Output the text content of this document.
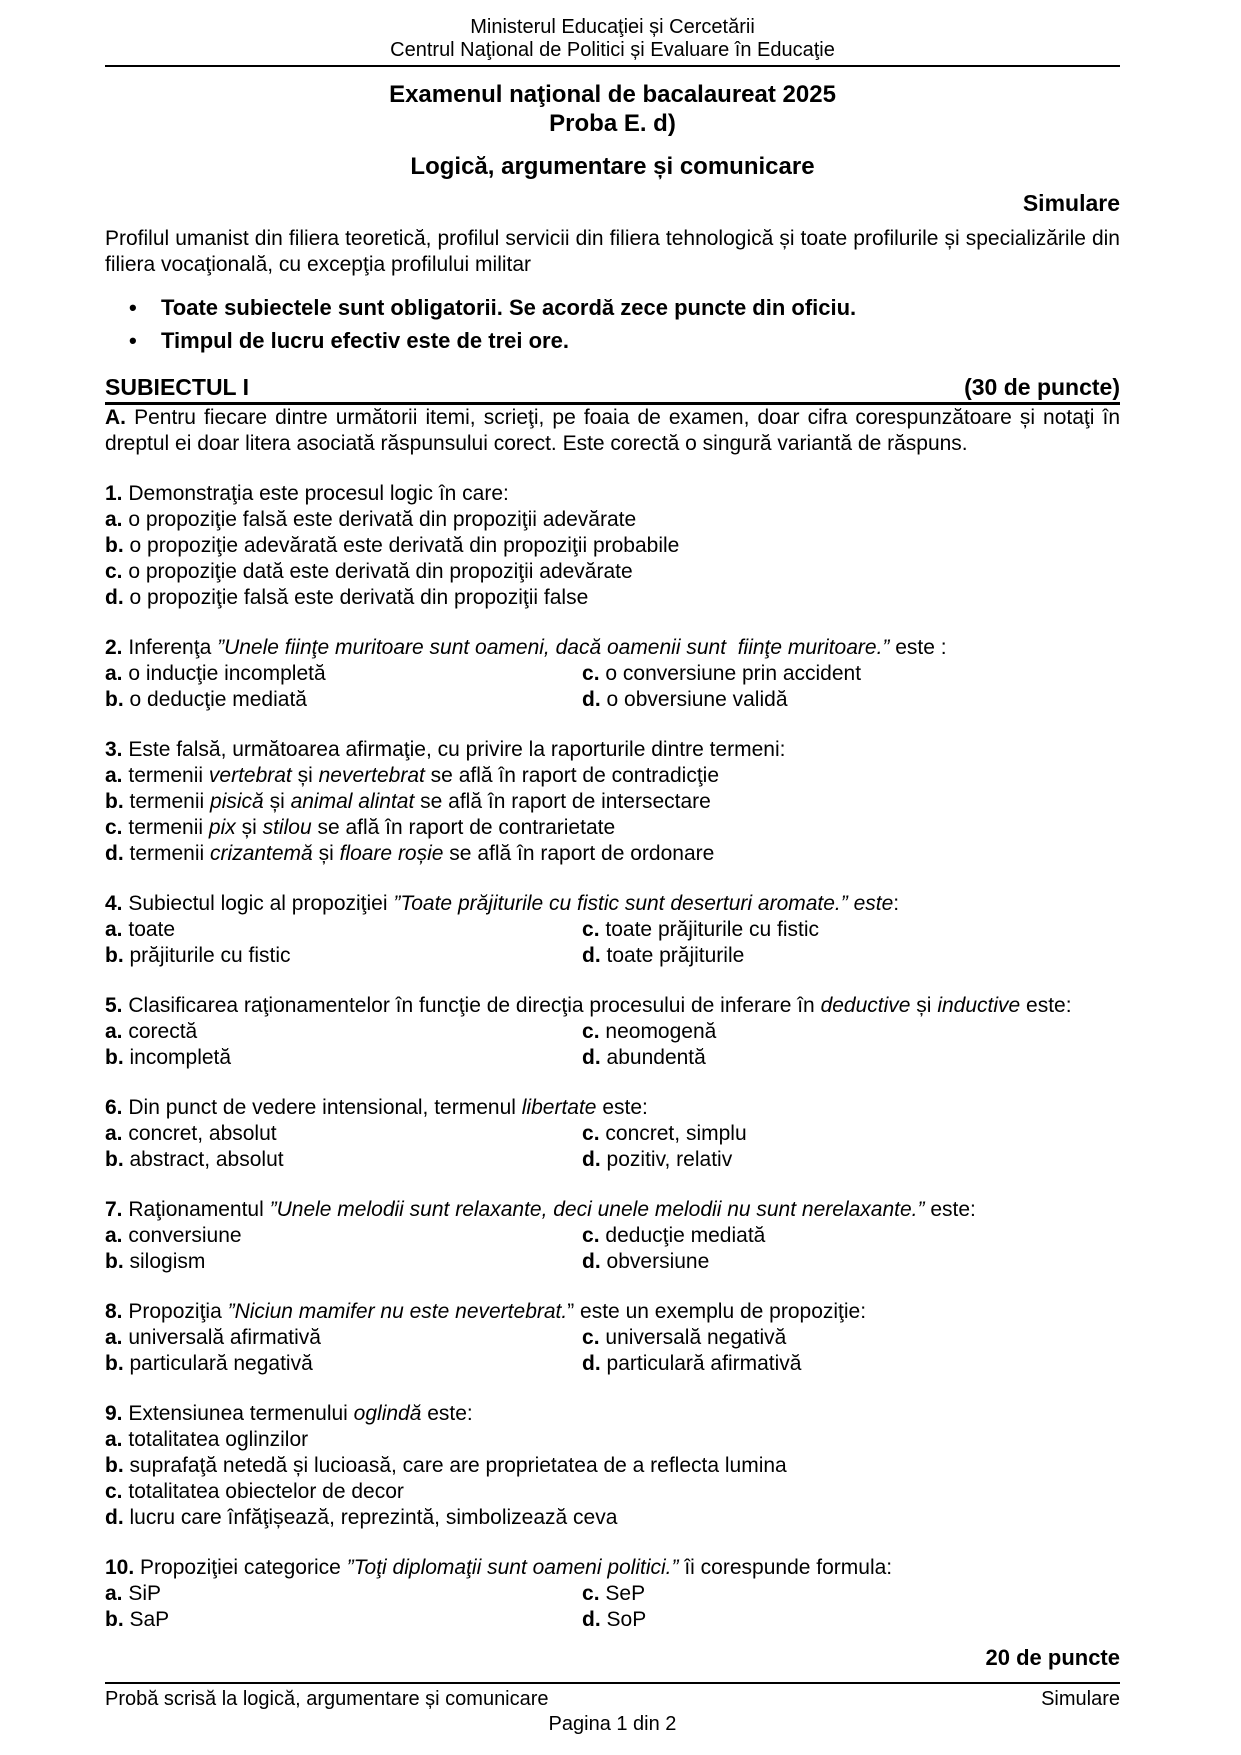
Ministerul Educaţiei și Cercetării
Centrul Naţional de Politici și Evaluare în Educaţie
Examenul naţional de bacalaureat 2025
Proba E. d)
Logică, argumentare și comunicare
Simulare
Profilul umanist din filiera teoretică, profilul servicii din filiera tehnologică și toate profilurile și specializările din filiera vocaţională, cu excepţia profilului militar
•	Toate subiectele sunt obligatorii. Se acordă zece puncte din oficiu.
•	Timpul de lucru efectiv este de trei ore.
SUBIECTUL I	(30 de puncte)
A. Pentru fiecare dintre următorii itemi, scrieţi, pe foaia de examen, doar cifra corespunzătoare și notaţi în dreptul ei doar litera asociată răspunsului corect. Este corectă o singură variantă de răspuns.
1. Demonstraţia este procesul logic în care:
a. o propoziţie falsă este derivată din propoziţii adevărate
b. o propoziţie adevărată este derivată din propoziţii probabile
c. o propoziţie dată este derivată din propoziţii adevărate
d. o propoziţie falsă este derivată din propoziţii false
2. Inferenţa ”Unele fiinţe muritoare sunt oameni, dacă oamenii sunt  fiinţe muritoare.” este :
a. o inducţie incompletă	c. o conversiune prin accident
b. o deducţie mediată	d. o obversiune validă
3. Este falsă, următoarea afirmaţie, cu privire la raporturile dintre termeni:
a. termenii vertebrat și nevertebrat se află în raport de contradicţie
b. termenii pisică și animal alintat se află în raport de intersectare
c. termenii pix și stilou se află în raport de contrarietate
d. termenii crizantemă și floare roșie se află în raport de ordonare
4. Subiectul logic al propoziţiei ”Toate prăjiturile cu fistic sunt deserturi aromate.” este:
a. toate	c. toate prăjiturile cu fistic
b. prăjiturile cu fistic	d. toate prăjiturile
5. Clasificarea raţionamentelor în funcţie de direcţia procesului de inferare în deductive și inductive este:
a. corectă	c. neomogenă
b. incompletă	d. abundentă
6. Din punct de vedere intensional, termenul libertate este:
a. concret, absolut	c. concret, simplu
b. abstract, absolut	d. pozitiv, relativ
7. Raţionamentul ”Unele melodii sunt relaxante, deci unele melodii nu sunt nerelaxante.” este:
a. conversiune	c. deducţie mediată
b. silogism	d. obversiune
8. Propoziţia ”Niciun mamifer nu este nevertebrat.” este un exemplu de propoziţie:
a. universală afirmativă	c. universală negativă
b. particulară negativă	d. particulară afirmativă
9. Extensiunea termenului oglindă este:
a. totalitatea oglinzilor
b. suprafaţă netedă și lucioasă, care are proprietatea de a reflecta lumina
c. totalitatea obiectelor de decor
d. lucru care înfăţișează, reprezintă, simbolizează ceva
10. Propoziţiei categorice ”Toţi diplomaţii sunt oameni politici.” îi corespunde formula:
a. SiP	c. SeP
b. SaP	d. SoP
20 de puncte
Probă scrisă la logică, argumentare și comunicare	Simulare
Pagina 1 din 2
